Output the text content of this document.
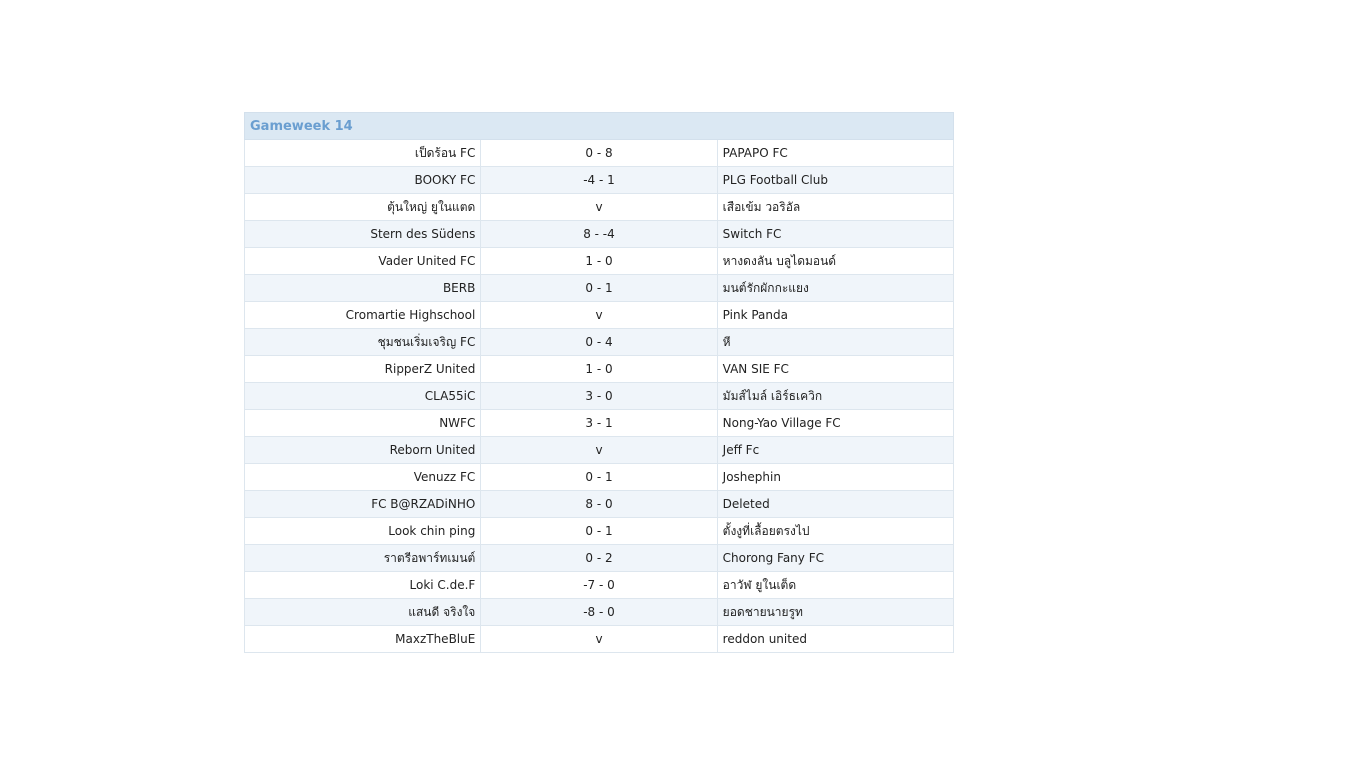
Gameweek 14		
เป็ดร้อน FC	0 - 8	PAPAPO FC
BOOKY FC	-4 - 1	PLG Football Club
ตุ้นใหญ่ ยูในแตด	v	เสือเข้ม วอริอัล
Stern des Südens	8 - -4	Switch FC
Vader United FC	1 - 0	หางดงลัน บลูไดมอนด์
BERB	0 - 1	มนต์รักผักกะแยง
Cromartie Highschool	v	Pink Panda
ชุมชนเริ่มเจริญ FC	0 - 4	หี
RipperZ United	1 - 0	VAN SIE FC
CLA55iC	3 - 0	มัมส์ไมล์ เอิร์ธเควิก
NWFC	3 - 1	Nong-Yao Village FC
Reborn United	v	Jeff Fc
Venuzz FC	0 - 1	Joshephin
FC B@RZADiNHO	8 - 0	Deleted
Look chin ping	0 - 1	ตั้งงูที่เลื้อยตรงไป
ราตรีอพาร์ทเมนต์	0 - 2	Chorong Fany FC
Loki C.de.F	-7 - 0	อาวัฬ ยูในเต็ด
แสนดี จริงใจ	-8 - 0	ยอดชายนายรูท
MaxzTheBluE	v	reddon united
